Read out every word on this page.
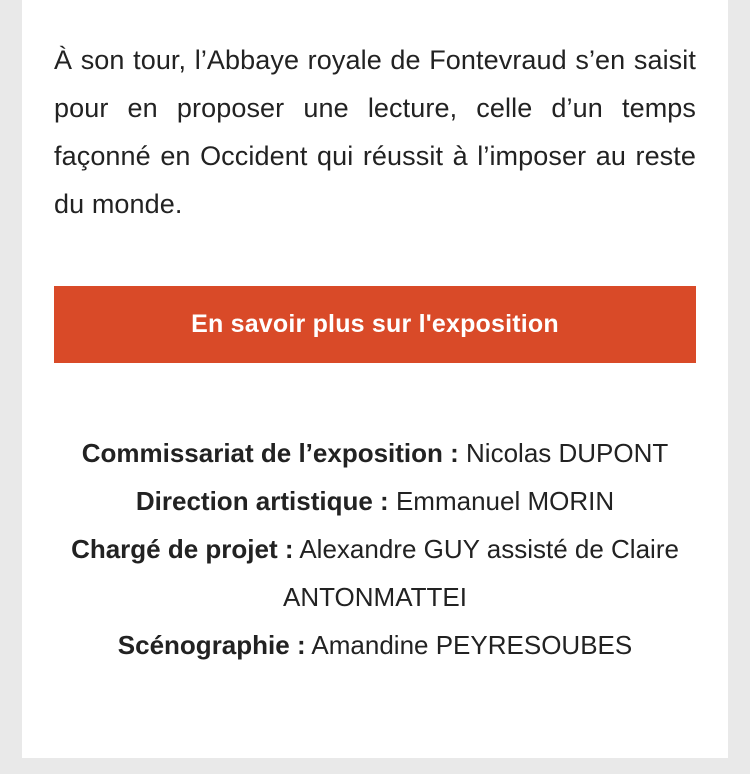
À son tour, l’Abbaye royale de Fontevraud s’en saisit pour en proposer une lecture, celle d’un temps façonné en Occident qui réussit à l’imposer au reste du monde.

En savoir plus sur l'exposition

Commissariat de l’exposition : Nicolas DUPONT

Direction artistique : Emmanuel MORIN

Chargé de projet : Alexandre GUY assisté de Claire ANTONMATTEI

Scénographie : Amandine PEYRESOUBES
